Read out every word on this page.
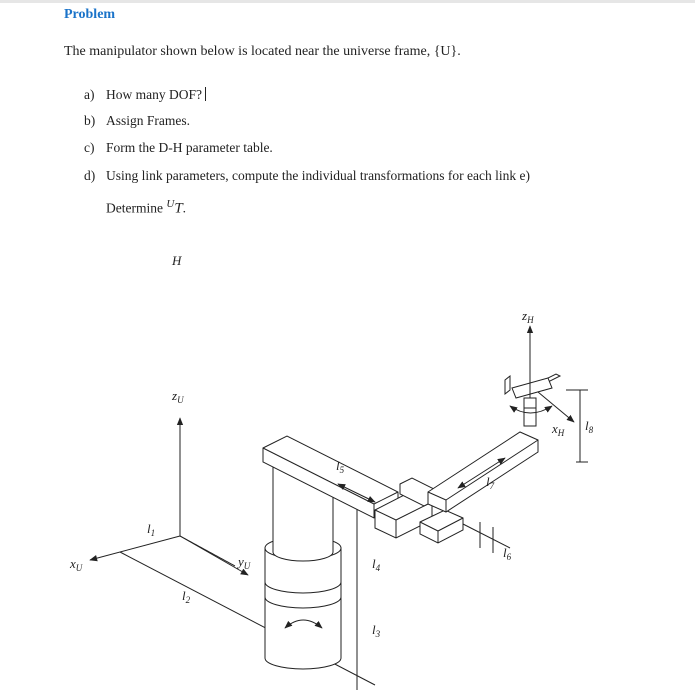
Problem
The manipulator shown below is located near the universe frame, {U}.
a) How many DOF?
b) Assign Frames.
c) Form the D-H parameter table.
d) Using link parameters, compute the individual transformations for each link e)
Determine $^U$T.
H
$z_U$
$x_U$	$y_U$
$z_H$
$x_H$
$l_1$
$l_2$
$l_3$
$l_4$
$l_5$
$l_6$
$l_7$
$l_8$
